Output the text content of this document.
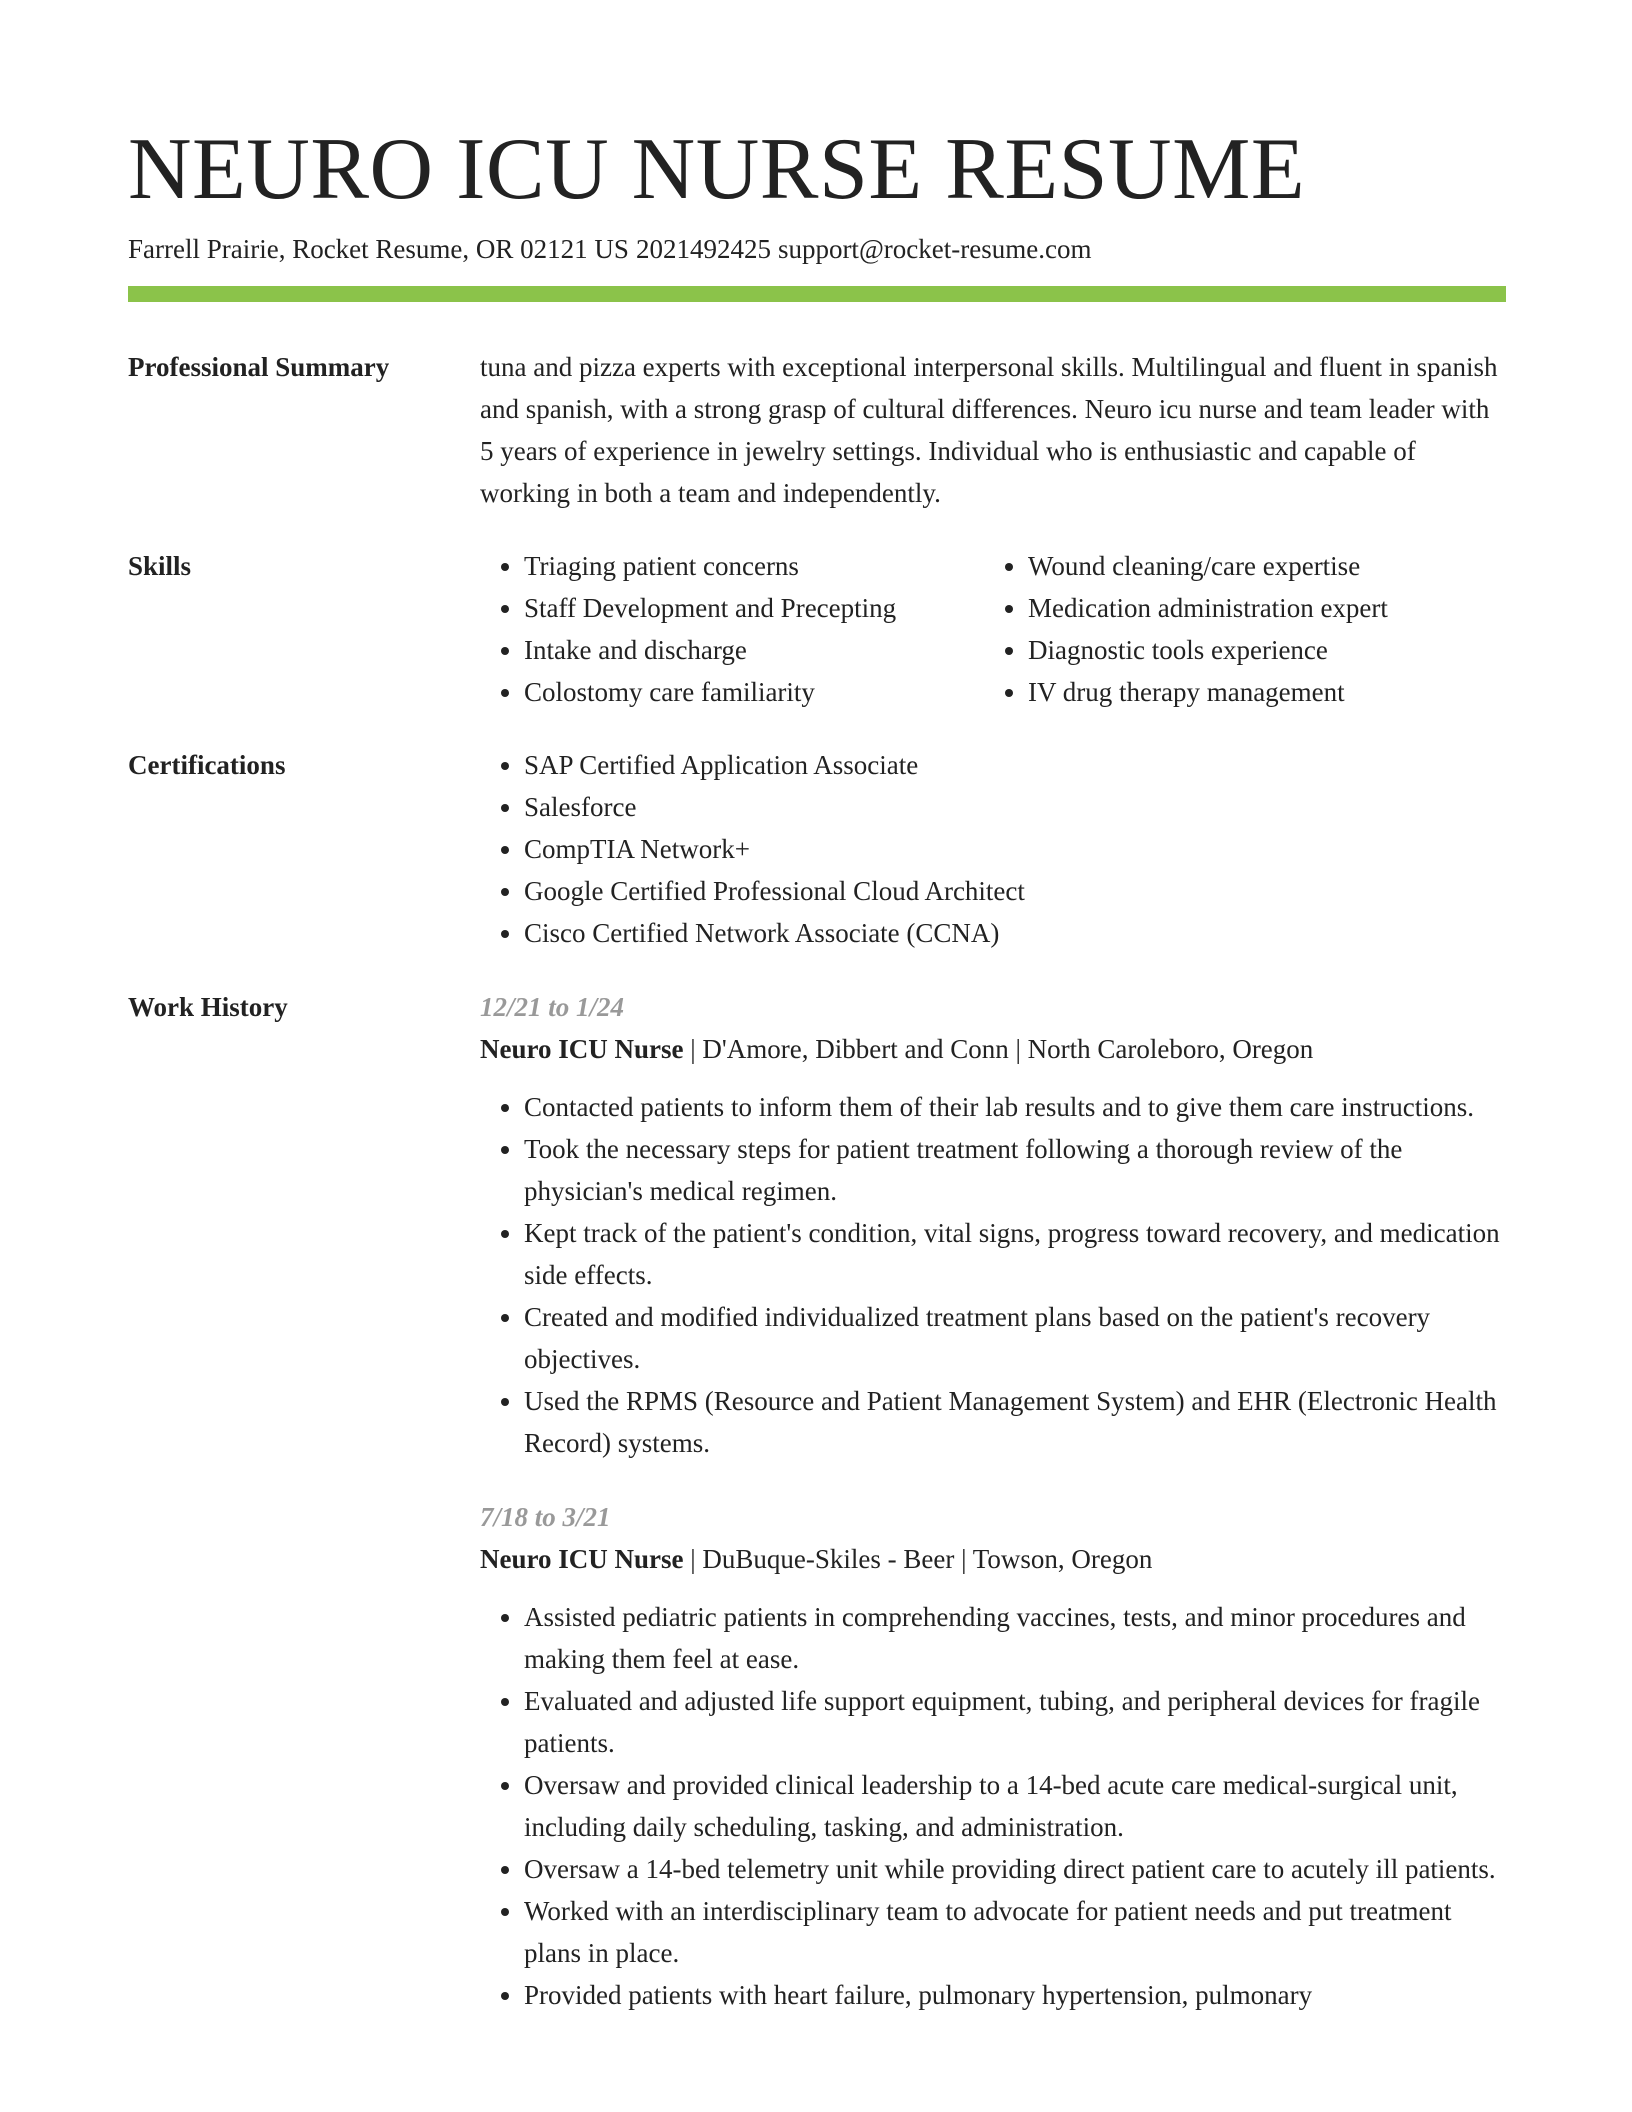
NEURO ICU NURSE RESUME
Farrell Prairie, Rocket Resume, OR 02121 US 2021492425 support@rocket-resume.com
Professional Summary	tuna and pizza experts with exceptional interpersonal skills. Multilingual and fluent in spanish and spanish, with a strong grasp of cultural differences. Neuro icu nurse and team leader with 5 years of experience in jewelry settings. Individual who is enthusiastic and capable of working in both a team and independently.

Skills	• Triaging patient concerns
• Staff Development and Precepting
• Intake and discharge
• Colostomy care familiarity
• Wound cleaning/care expertise
• Medication administration expert
• Diagnostic tools experience
• IV drug therapy management
Certifications	• SAP Certified Application Associate
• Salesforce
• CompTIA Network+
• Google Certified Professional Cloud Architect
• Cisco Certified Network Associate (CCNA)
Work History	12/21 to 1/24
Neuro ICU Nurse | D'Amore, Dibbert and Conn | North Caroleboro, Oregon
• Contacted patients to inform them of their lab results and to give them care instructions.
• Took the necessary steps for patient treatment following a thorough review of the physician's medical regimen.
• Kept track of the patient's condition, vital signs, progress toward recovery, and medication side effects.
• Created and modified individualized treatment plans based on the patient's recovery objectives.
• Used the RPMS (Resource and Patient Management System) and EHR (Electronic Health Record) systems.
7/18 to 3/21
Neuro ICU Nurse | DuBuque-Skiles - Beer | Towson, Oregon
• Assisted pediatric patients in comprehending vaccines, tests, and minor procedures and making them feel at ease.
• Evaluated and adjusted life support equipment, tubing, and peripheral devices for fragile patients.
• Oversaw and provided clinical leadership to a 14-bed acute care medical-surgical unit, including daily scheduling, tasking, and administration.
• Oversaw a 14-bed telemetry unit while providing direct patient care to acutely ill patients.
• Worked with an interdisciplinary team to advocate for patient needs and put treatment plans in place.
• Provided patients with heart failure, pulmonary hypertension, pulmonary
